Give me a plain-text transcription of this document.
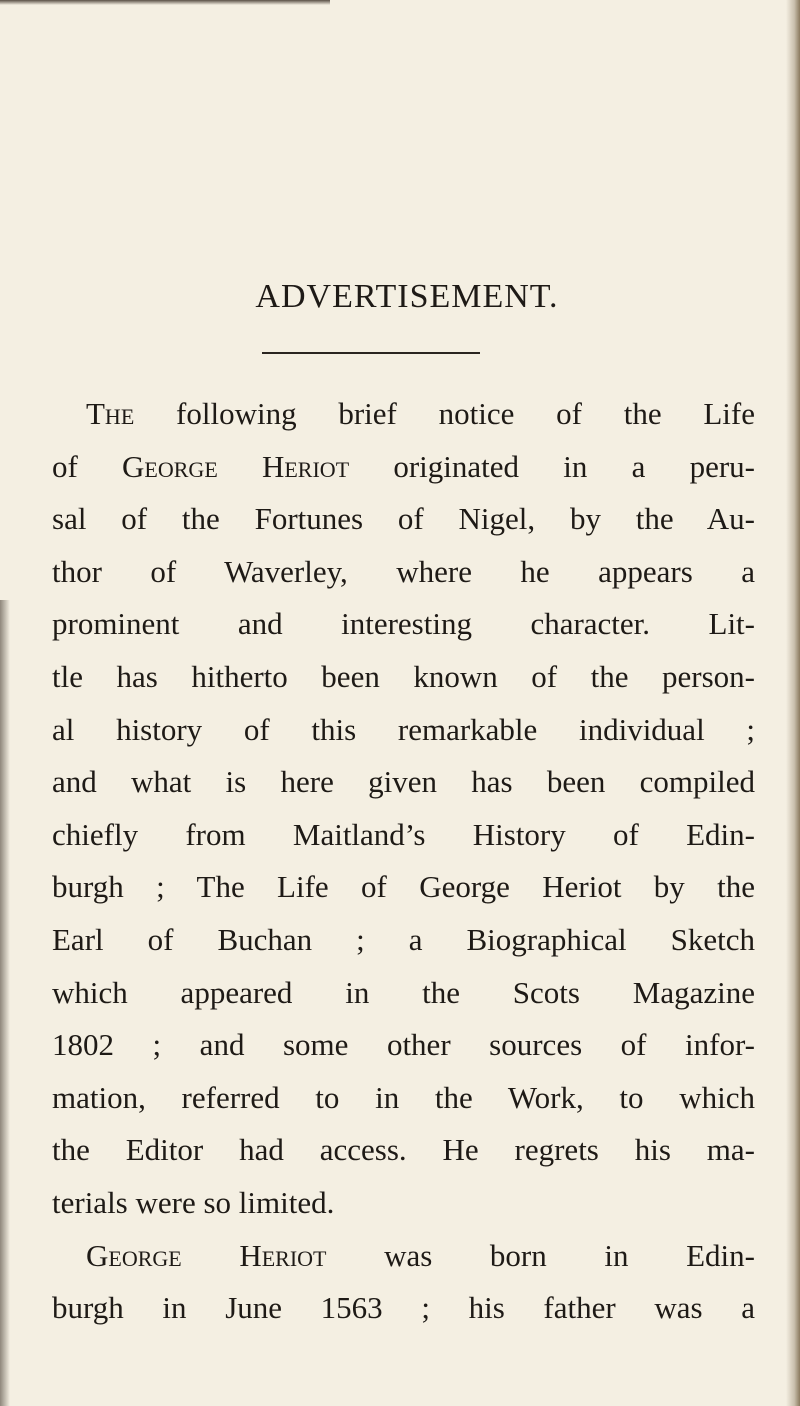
ADVERTISEMENT.
The following brief notice of the Life
of George Heriot originated in a peru-
sal of the Fortunes of Nigel, by the Au-
thor of Waverley, where he appears a
prominent and interesting character. Lit-
tle has hitherto been known of the person-
al history of this remarkable individual ;
and what is here given has been compiled
chiefly from Maitland’s History of Edin-
burgh ; The Life of George Heriot by the
Earl of Buchan ; a Biographical Sketch
which appeared in the Scots Magazine
1802 ; and some other sources of infor-
mation, referred to in the Work, to which
the Editor had access. He regrets his ma-
terials were so limited.
George Heriot was born in Edin-
burgh in June 1563 ; his father was a
